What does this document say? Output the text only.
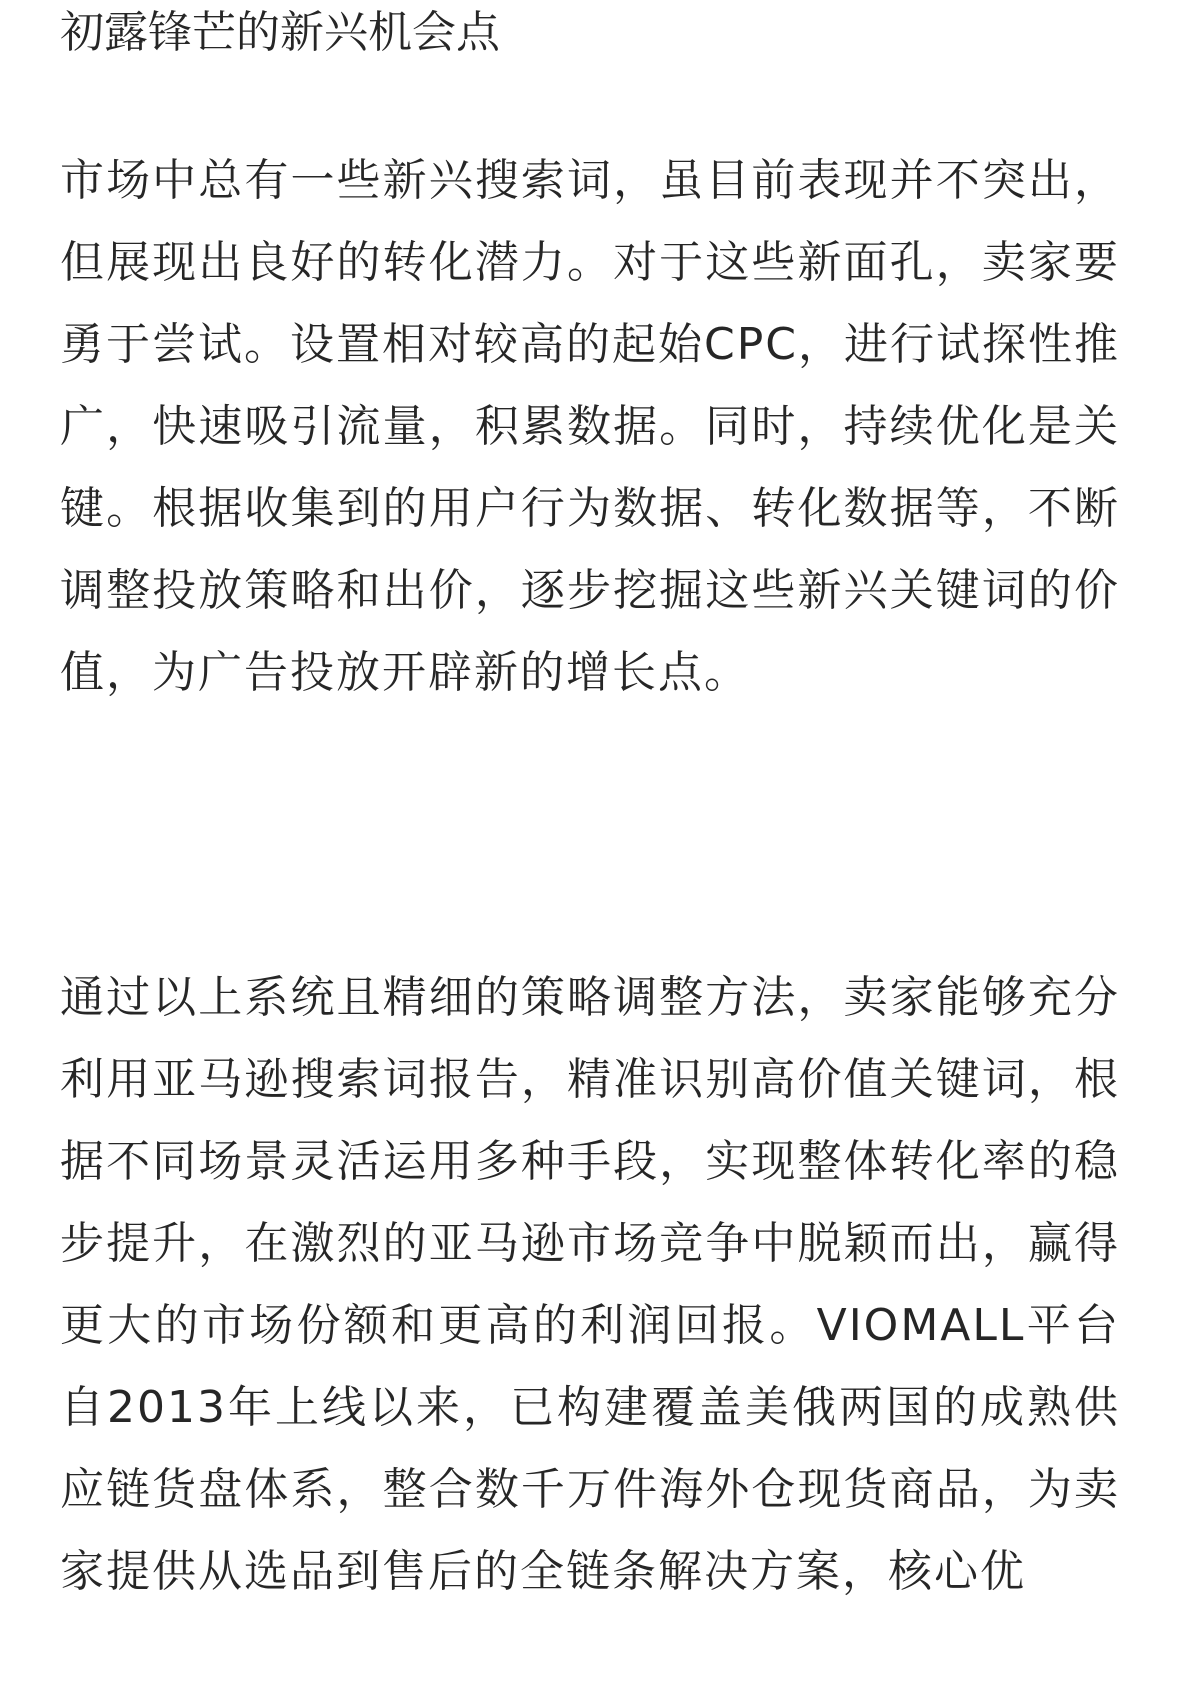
初露锋芒的新兴机会点

市场中总有一些新兴搜索词，虽目前表现并不突出，但展现出良好的转化潜力。对于这些新面孔，卖家要勇于尝试。设置相对较高的起始CPC，进行试探性推广，快速吸引流量，积累数据。同时，持续优化是关键。根据收集到的用户行为数据、转化数据等，不断调整投放策略和出价，逐步挖掘这些新兴关键词的价值，为广告投放开辟新的增长点。

通过以上系统且精细的策略调整方法，卖家能够充分利用亚马逊搜索词报告，精准识别高价值关键词，根据不同场景灵活运用多种手段，实现整体转化率的稳步提升，在激烈的亚马逊市场竞争中脱颖而出，赢得更大的市场份额和更高的利润回报。VIOMALL平台自2013年上线以来，已构建覆盖美俄两国的成熟供应链货盘体系，整合数千万件海外仓现货商品，为卖家提供从选品到售后的全链条解决方案，核心优
